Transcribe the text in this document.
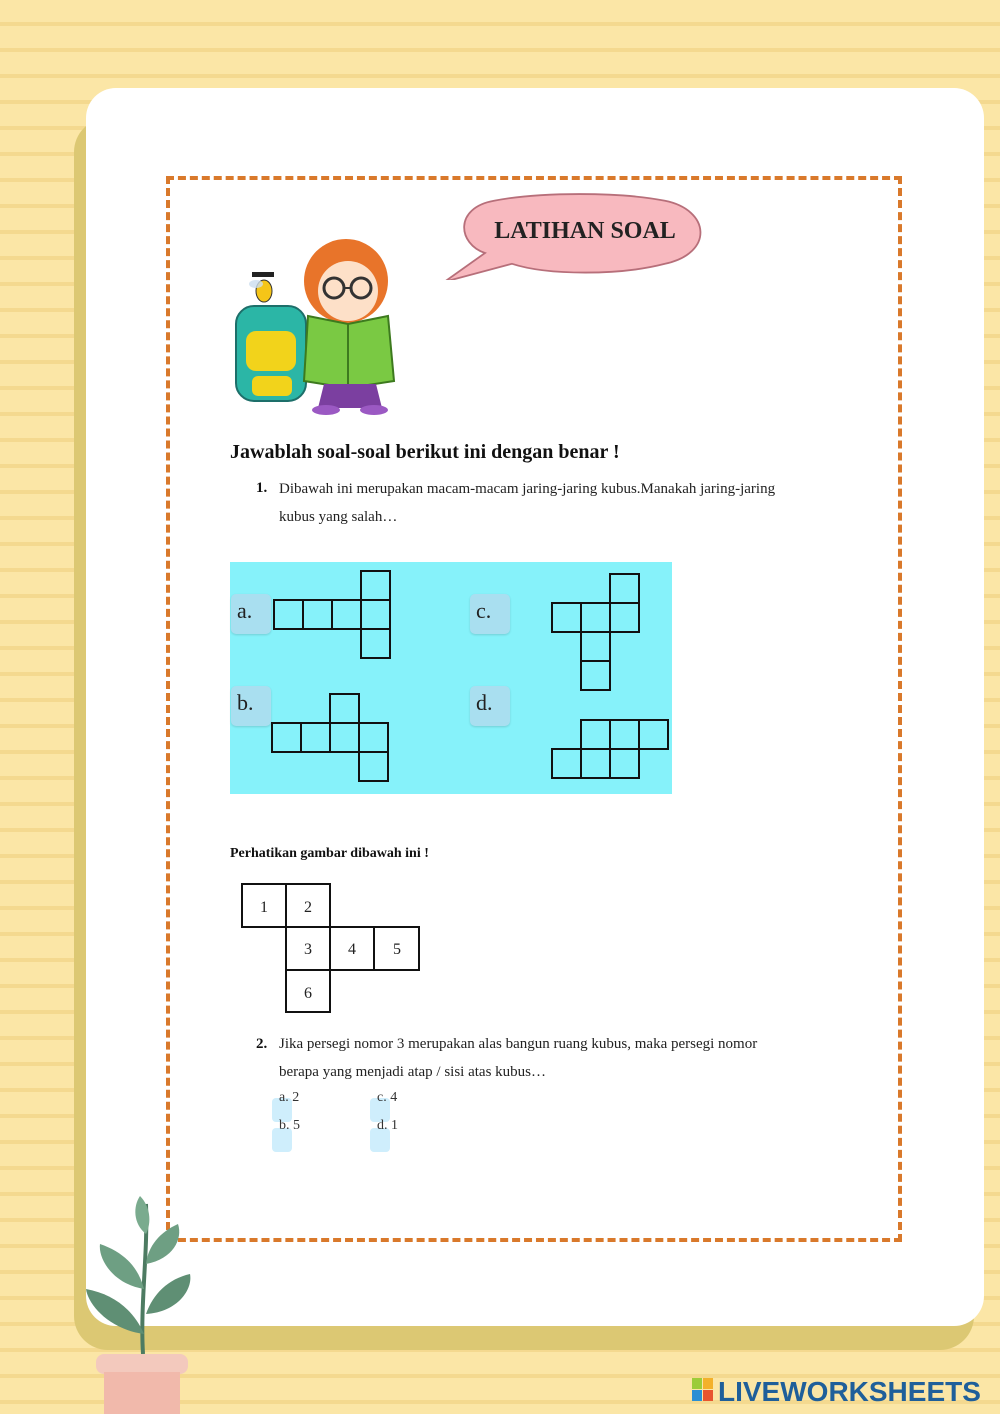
LATIHAN SOAL
Jawablah soal-soal berikut ini dengan benar !
1. Dibawah ini merupakan macam-macam jaring-jaring kubus.Manakah jaring-jaring
kubus yang salah…
a.
b.
c.
d.
Perhatikan gambar dibawah ini !
1 2
3 4 5
6
2. Jika persegi nomor 3 merupakan alas bangun ruang kubus, maka persegi nomor
berapa yang menjadi atap / sisi atas kubus…
a. 2
b. 5
c. 4
d. 1
LIVEWORKSHEETS
